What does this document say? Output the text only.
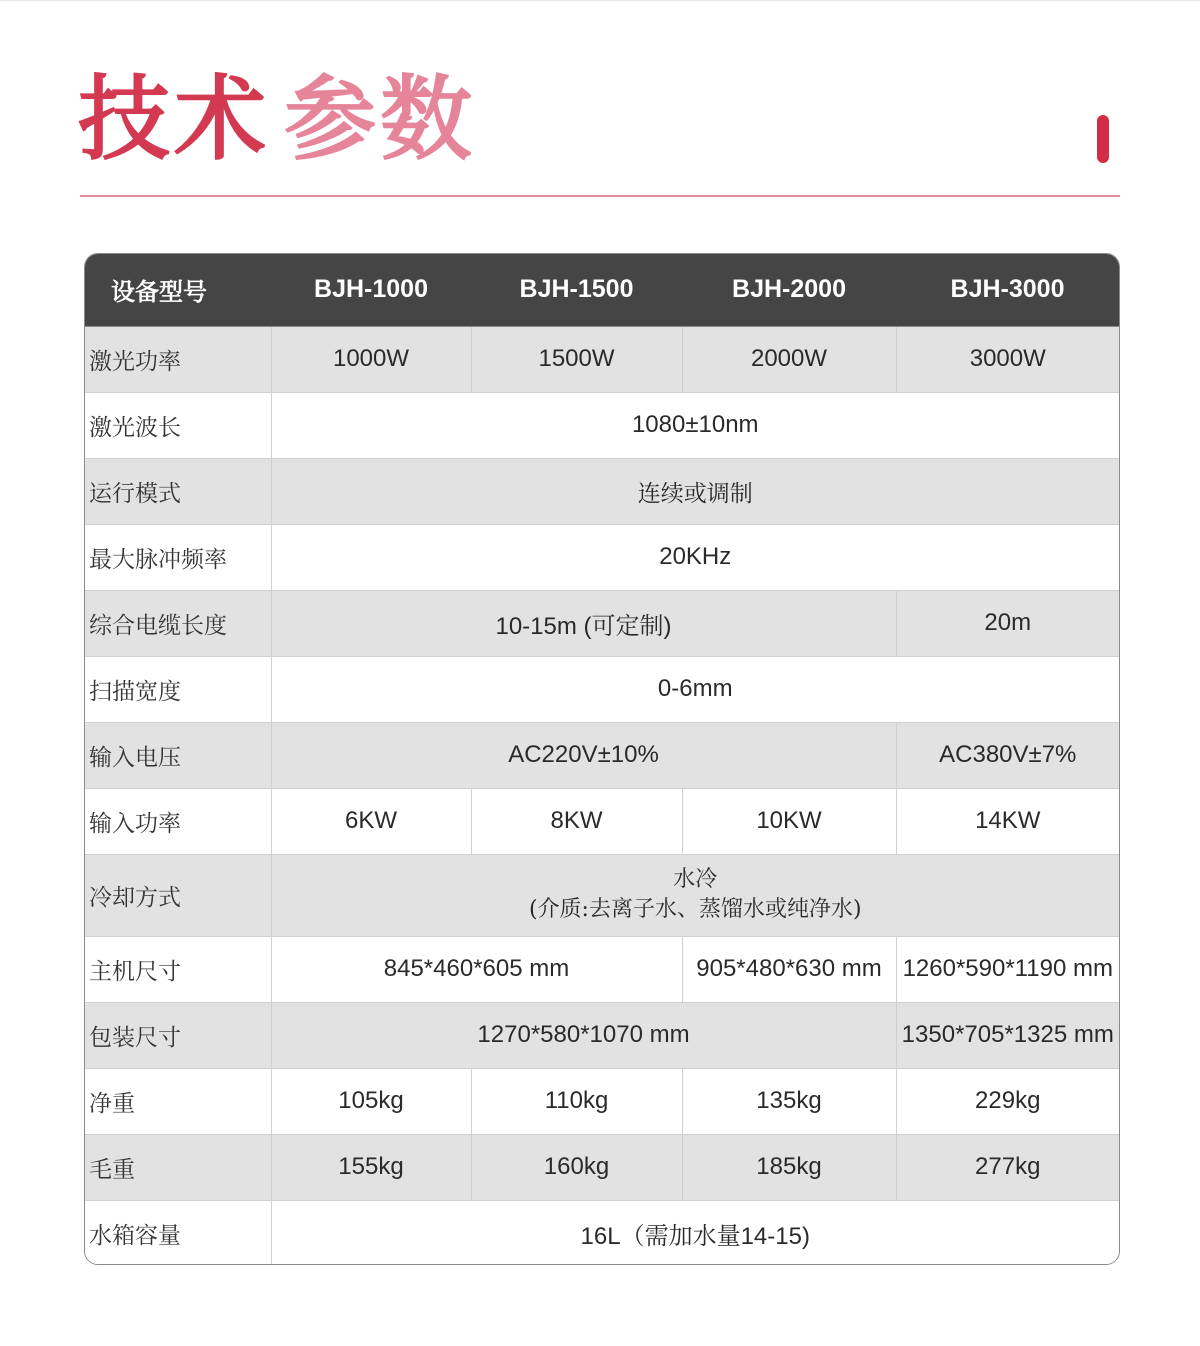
技术 参数
设备型号	BJH-1000	BJH-1500	BJH-2000	BJH-3000
激光功率	1000W	1500W	2000W	3000W
激光波长	1080±10nm			
运行模式	连续或调制			
最大脉冲频率	20KHz			
综合电缆长度	10-15m (可定制)			20m
扫描宽度	0-6mm			
输入电压	AC220V±10%			AC380V±7%
输入功率	6KW	8KW	10KW	14KW
冷却方式	水冷
(介质:去离子水、蒸馏水或纯净水)			

主机尺寸	845*460*605 mm		905*480*630 mm	1260*590*1190 mm
包装尺寸	1270*580*1070 mm			1350*705*1325 mm
净重	105kg	110kg	135kg	229kg
毛重	155kg	160kg	185kg	277kg
水箱容量	16L（需加水量14-15)			
